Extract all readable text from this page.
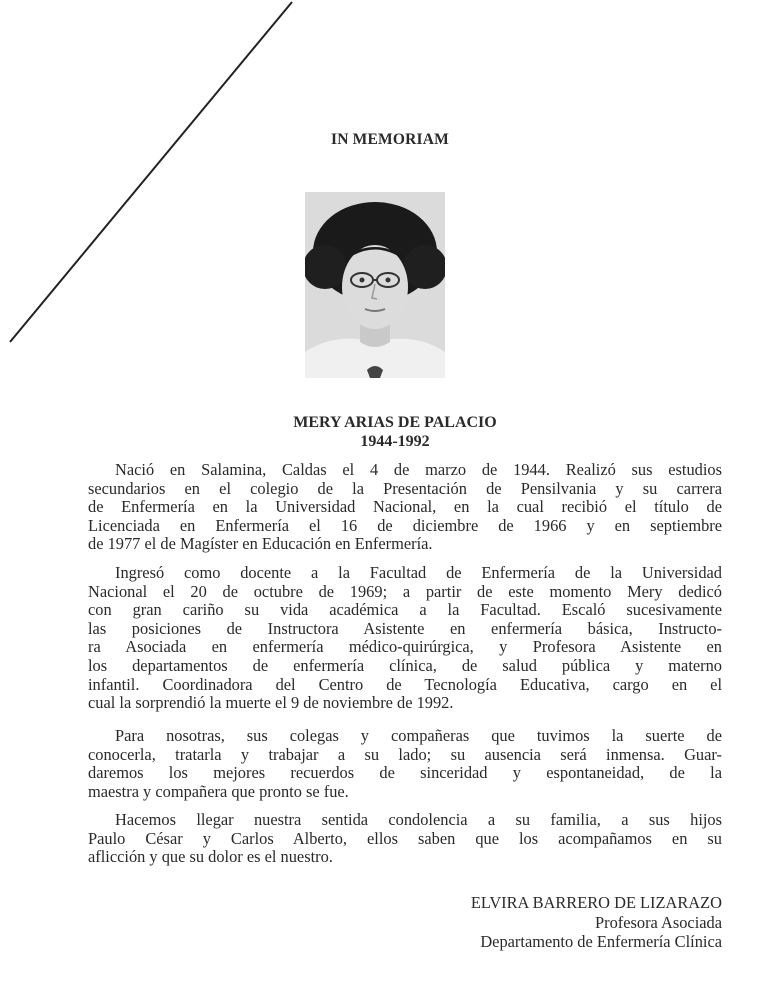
IN MEMORIAM
MERY ARIAS DE PALACIO
1944-1992
Nació en Salamina, Caldas el 4 de marzo de 1944. Realizó sus estudios
secundarios en el colegio de la Presentación de Pensilvania y su carrera
de Enfermería en la Universidad Nacional, en la cual recibió el título de
Licenciada en Enfermería el 16 de diciembre de 1966 y en septiembre
de 1977 el de Magíster en Educación en Enfermería.
Ingresó como docente a la Facultad de Enfermería de la Universidad
Nacional el 20 de octubre de 1969; a partir de este momento Mery dedicó
con gran cariño su vida académica a la Facultad. Escaló sucesivamente
las posiciones de Instructora Asistente en enfermería básica, Instructo-
ra Asociada en enfermería médico-quirúrgica, y Profesora Asistente en
los departamentos de enfermería clínica, de salud pública y materno
infantil. Coordinadora del Centro de Tecnología Educativa, cargo en el
cual la sorprendió la muerte el 9 de noviembre de 1992.
Para nosotras, sus colegas y compañeras que tuvimos la suerte de
conocerla, tratarla y trabajar a su lado; su ausencia será inmensa. Guar-
daremos los mejores recuerdos de sinceridad y espontaneidad, de la
maestra y compañera que pronto se fue.
Hacemos llegar nuestra sentida condolencia a su familia, a sus hijos
Paulo César y Carlos Alberto, ellos saben que los acompañamos en su
aflicción y que su dolor es el nuestro.
ELVIRA BARRERO DE LIZARAZO
Profesora Asociada
Departamento de Enfermería Clínica
